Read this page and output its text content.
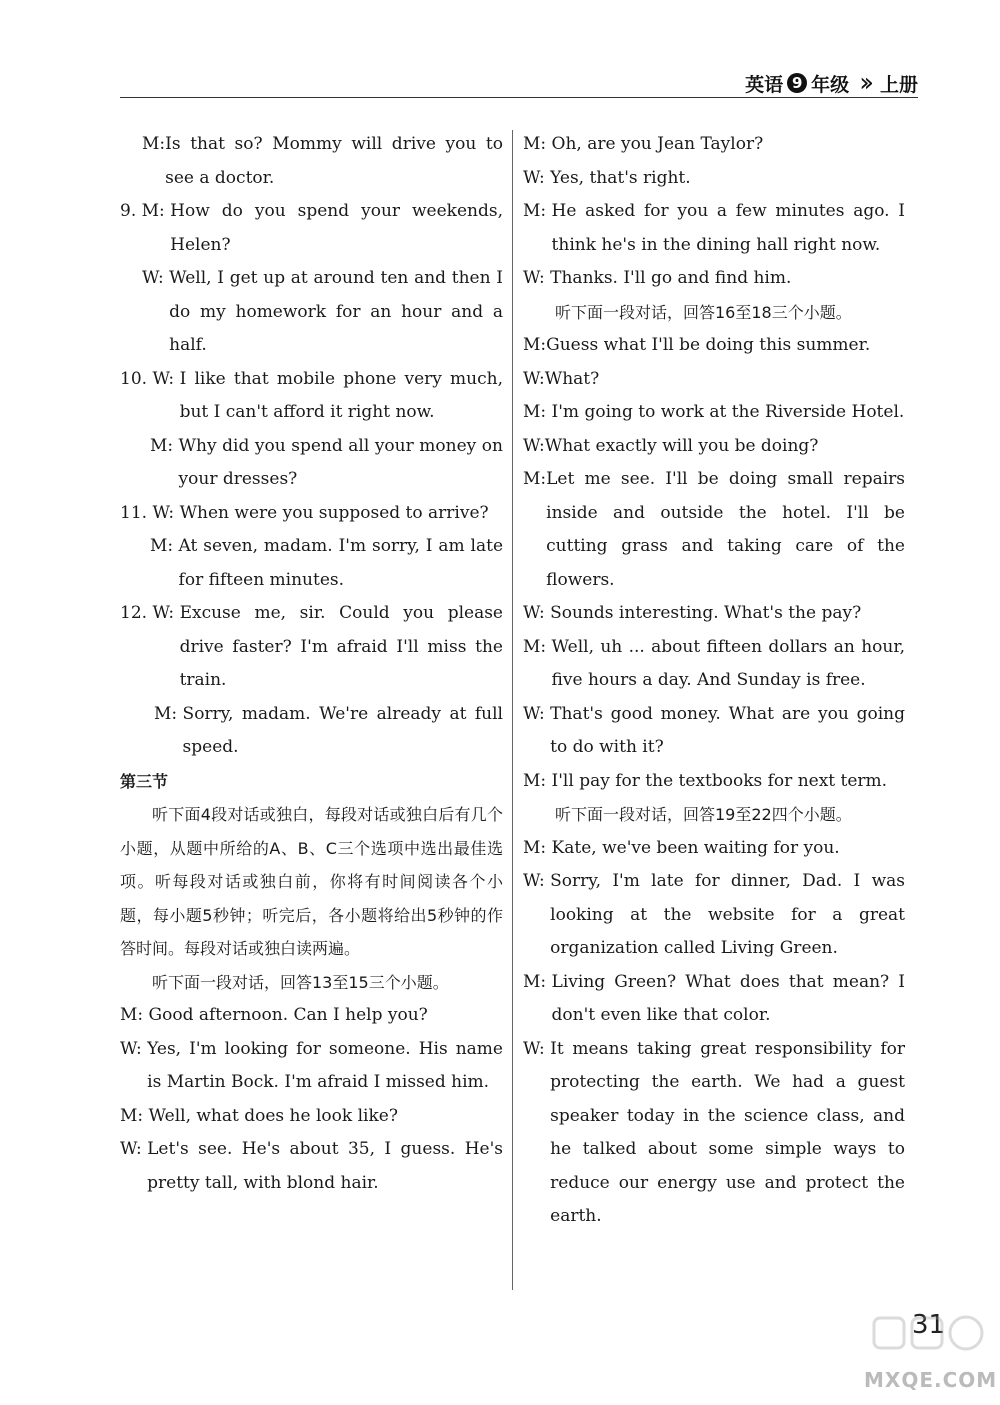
英语 9 年级 ›› 上册
M: Is that so? Mommy will drive you to see a doctor.
9. M: How do you spend your weekends, Helen?
W: Well, I get up at around ten and then I do my homework for an hour and a half.
10. W: I like that mobile phone very much, but I can't afford it right now.
M: Why did you spend all your money on your dresses?
11. W: When were you supposed to arrive?
M: At seven, madam. I'm sorry, I am late for fifteen minutes.
12. W: Excuse me, sir. Could you please drive faster? I'm afraid I'll miss the train.
M: Sorry, madam. We're already at full speed.
第三节
听下面4段对话或独白，每段对话或独白后有几个小题，从题中所给的A、B、C三个选项中选出最佳选项。听每段对话或独白前，你将有时间阅读各个小题，每小题5秒钟；听完后，各小题将给出5秒钟的作答时间。每段对话或独白读两遍。
听下面一段对话，回答13至15三个小题。
M: Good afternoon. Can I help you?
W: Yes, I'm looking for someone. His name is Martin Bock. I'm afraid I missed him.
M: Well, what does he look like?
W: Let's see. He's about 35, I guess. He's pretty tall, with blond hair.
M: Oh, are you Jean Taylor?
W: Yes, that's right.
M: He asked for you a few minutes ago. I think he's in the dining hall right now.
W: Thanks. I'll go and find him.
听下面一段对话，回答16至18三个小题。
M: Guess what I'll be doing this summer.
W: What?
M: I'm going to work at the Riverside Hotel.
W: What exactly will you be doing?
M: Let me see. I'll be doing small repairs inside and outside the hotel. I'll be cutting grass and taking care of the flowers.
W: Sounds interesting. What's the pay?
M: Well, uh ... about fifteen dollars an hour, five hours a day. And Sunday is free.
W: That's good money. What are you going to do with it?
M: I'll pay for the textbooks for next term.
听下面一段对话，回答19至22四个小题。
M: Kate, we've been waiting for you.
W: Sorry, I'm late for dinner, Dad. I was looking at the website for a great organization called Living Green.
M: Living Green? What does that mean? I don't even like that color.
W: It means taking great responsibility for protecting the earth. We had a guest speaker today in the science class, and he talked about some simple ways to reduce our energy use and protect the earth.
31
MXQE.COM
